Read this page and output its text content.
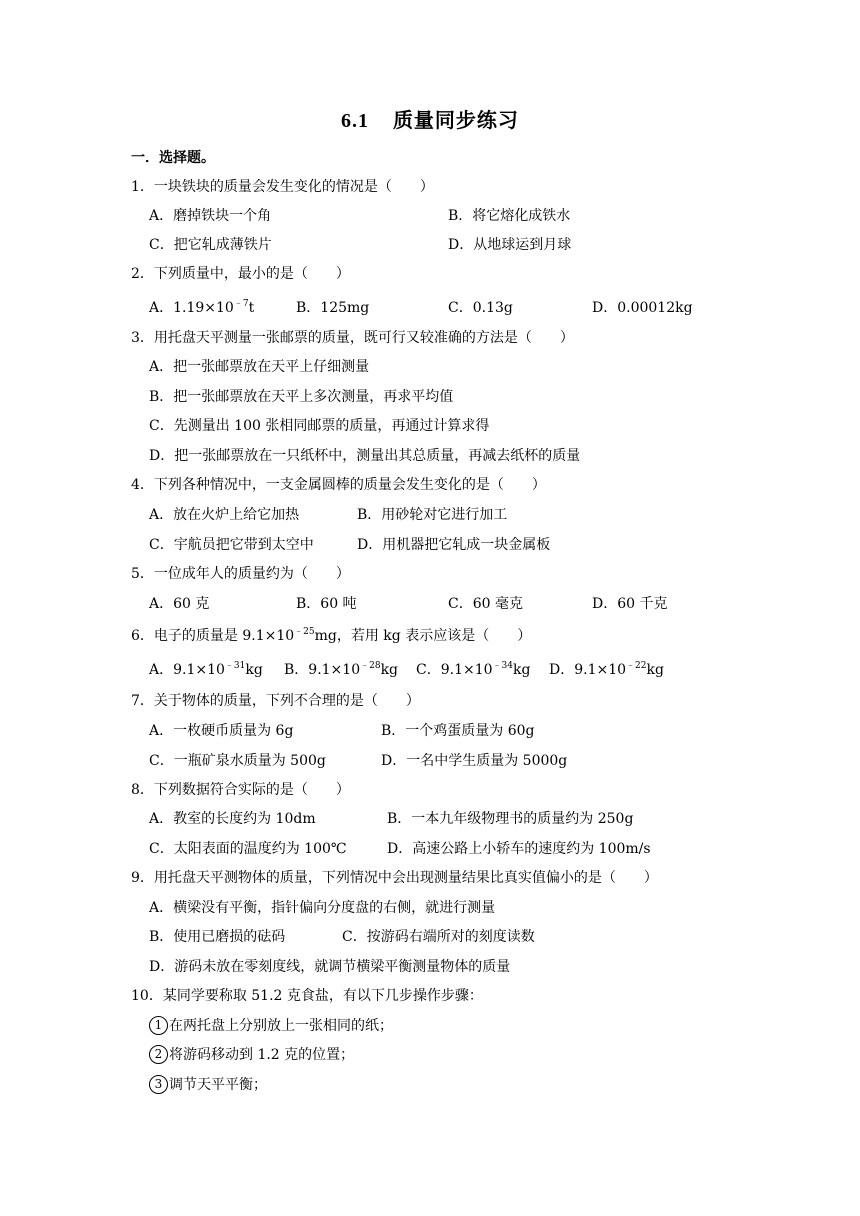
6.1 质量同步练习
一．选择题。
1．一块铁块的质量会发生变化的情况是（　　）
A．磨掉铁块一个角	B．将它熔化成铁水
C．把它轧成薄铁片	D．从地球运到月球
2．下列质量中，最小的是（　　）
A．$1.19\times 10^{﹣7}t$	B．125mg	C．0.13g	D．0.00012kg
3．用托盘天平测量一张邮票的质量，既可行又较准确的方法是（　　）
A．把一张邮票放在天平上仔细测量
B．把一张邮票放在天平上多次测量，再求平均值
C．先测量出 100 张相同邮票的质量，再通过计算求得
D．把一张邮票放在一只纸杯中，测量出其总质量，再减去纸杯的质量
4．下列各种情况中，一支金属圆棒的质量会发生变化的是（　　）
A．放在火炉上给它加热	B．用砂轮对它进行加工
C．宇航员把它带到太空中	D．用机器把它轧成一块金属板
5．一位成年人的质量约为（　　）
A．60 克	B．60 吨	C．60 毫克	D．60 千克
6．电子的质量是 $9.1\times 10^{﹣25}mg$，若用 kg 表示应该是（　　）
A．$9.1\times 10^{﹣31}kg$ B．$9.1\times 10^{﹣28}kg$ C．$9.1\times 10^{﹣34}kg$ D．$9.1\times 10^{﹣22}kg$
7．关于物体的质量，下列不合理的是（　　）
A．一枚硬币质量为 6g	B．一个鸡蛋质量为 60g
C．一瓶矿泉水质量为 500g	D．一名中学生质量为 5000g
8．下列数据符合实际的是（　　）
A．教室的长度约为 10dm	B．一本九年级物理书的质量约为 250g
C．太阳表面的温度约为 100℃	D．高速公路上小轿车的速度约为 100m/s
9．用托盘天平测物体的质量，下列情况中会出现测量结果比真实值偏小的是（　　）
A．横梁没有平衡，指针偏向分度盘的右侧，就进行测量
B．使用已磨损的砝码	C．按游码右端所对的刻度读数
D．游码未放在零刻度线，就调节横梁平衡测量物体的质量
10．某同学要称取 51.2 克食盐，有以下几步操作步骤：
1 在两托盘上分别放上一张相同的纸；
2 将游码移动到 1.2 克的位置；
3 调节天平平衡；
